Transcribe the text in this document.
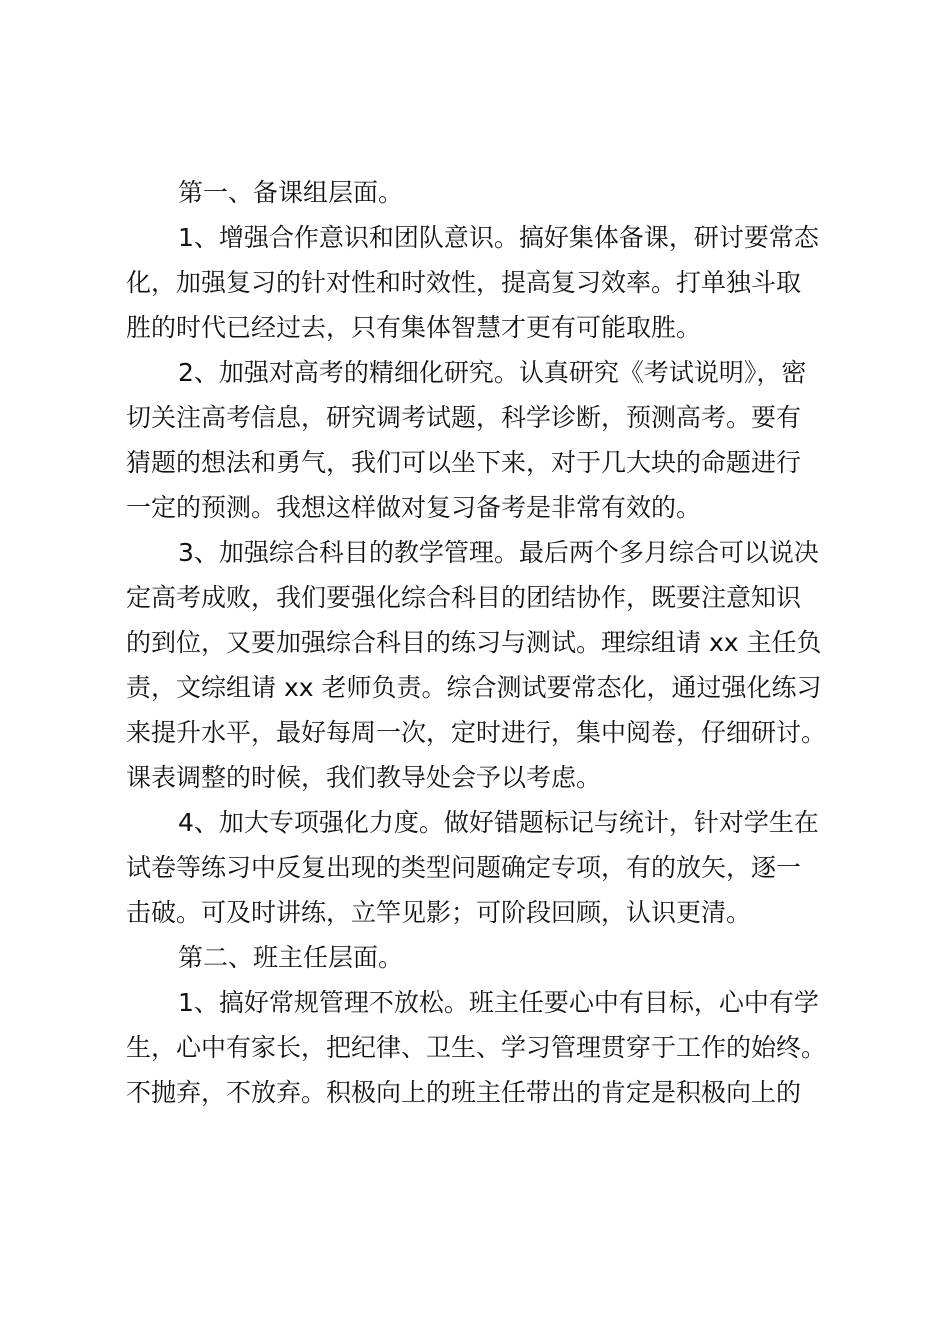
第一、备课组层面。
1、增强合作意识和团队意识。搞好集体备课，研讨要常态
化，加强复习的针对性和时效性，提高复习效率。打单独斗取
胜的时代已经过去，只有集体智慧才更有可能取胜。
2、加强对高考的精细化研究。认真研究《考试说明》，密
切关注高考信息，研究调考试题，科学诊断，预测高考。要有
猜题的想法和勇气，我们可以坐下来，对于几大块的命题进行
一定的预测。我想这样做对复习备考是非常有效的。
3、加强综合科目的教学管理。最后两个多月综合可以说决
定高考成败，我们要强化综合科目的团结协作，既要注意知识
的到位，又要加强综合科目的练习与测试。理综组请 xx 主任负
责，文综组请 xx 老师负责。综合测试要常态化，通过强化练习
来提升水平，最好每周一次，定时进行，集中阅卷，仔细研讨。
课表调整的时候，我们教导处会予以考虑。
4、加大专项强化力度。做好错题标记与统计，针对学生在
试卷等练习中反复出现的类型问题确定专项，有的放矢，逐一
击破。可及时讲练，立竿见影；可阶段回顾，认识更清。
第二、班主任层面。
1、搞好常规管理不放松。班主任要心中有目标，心中有学
生，心中有家长，把纪律、卫生、学习管理贯穿于工作的始终。
不抛弃，不放弃。积极向上的班主任带出的肯定是积极向上的
